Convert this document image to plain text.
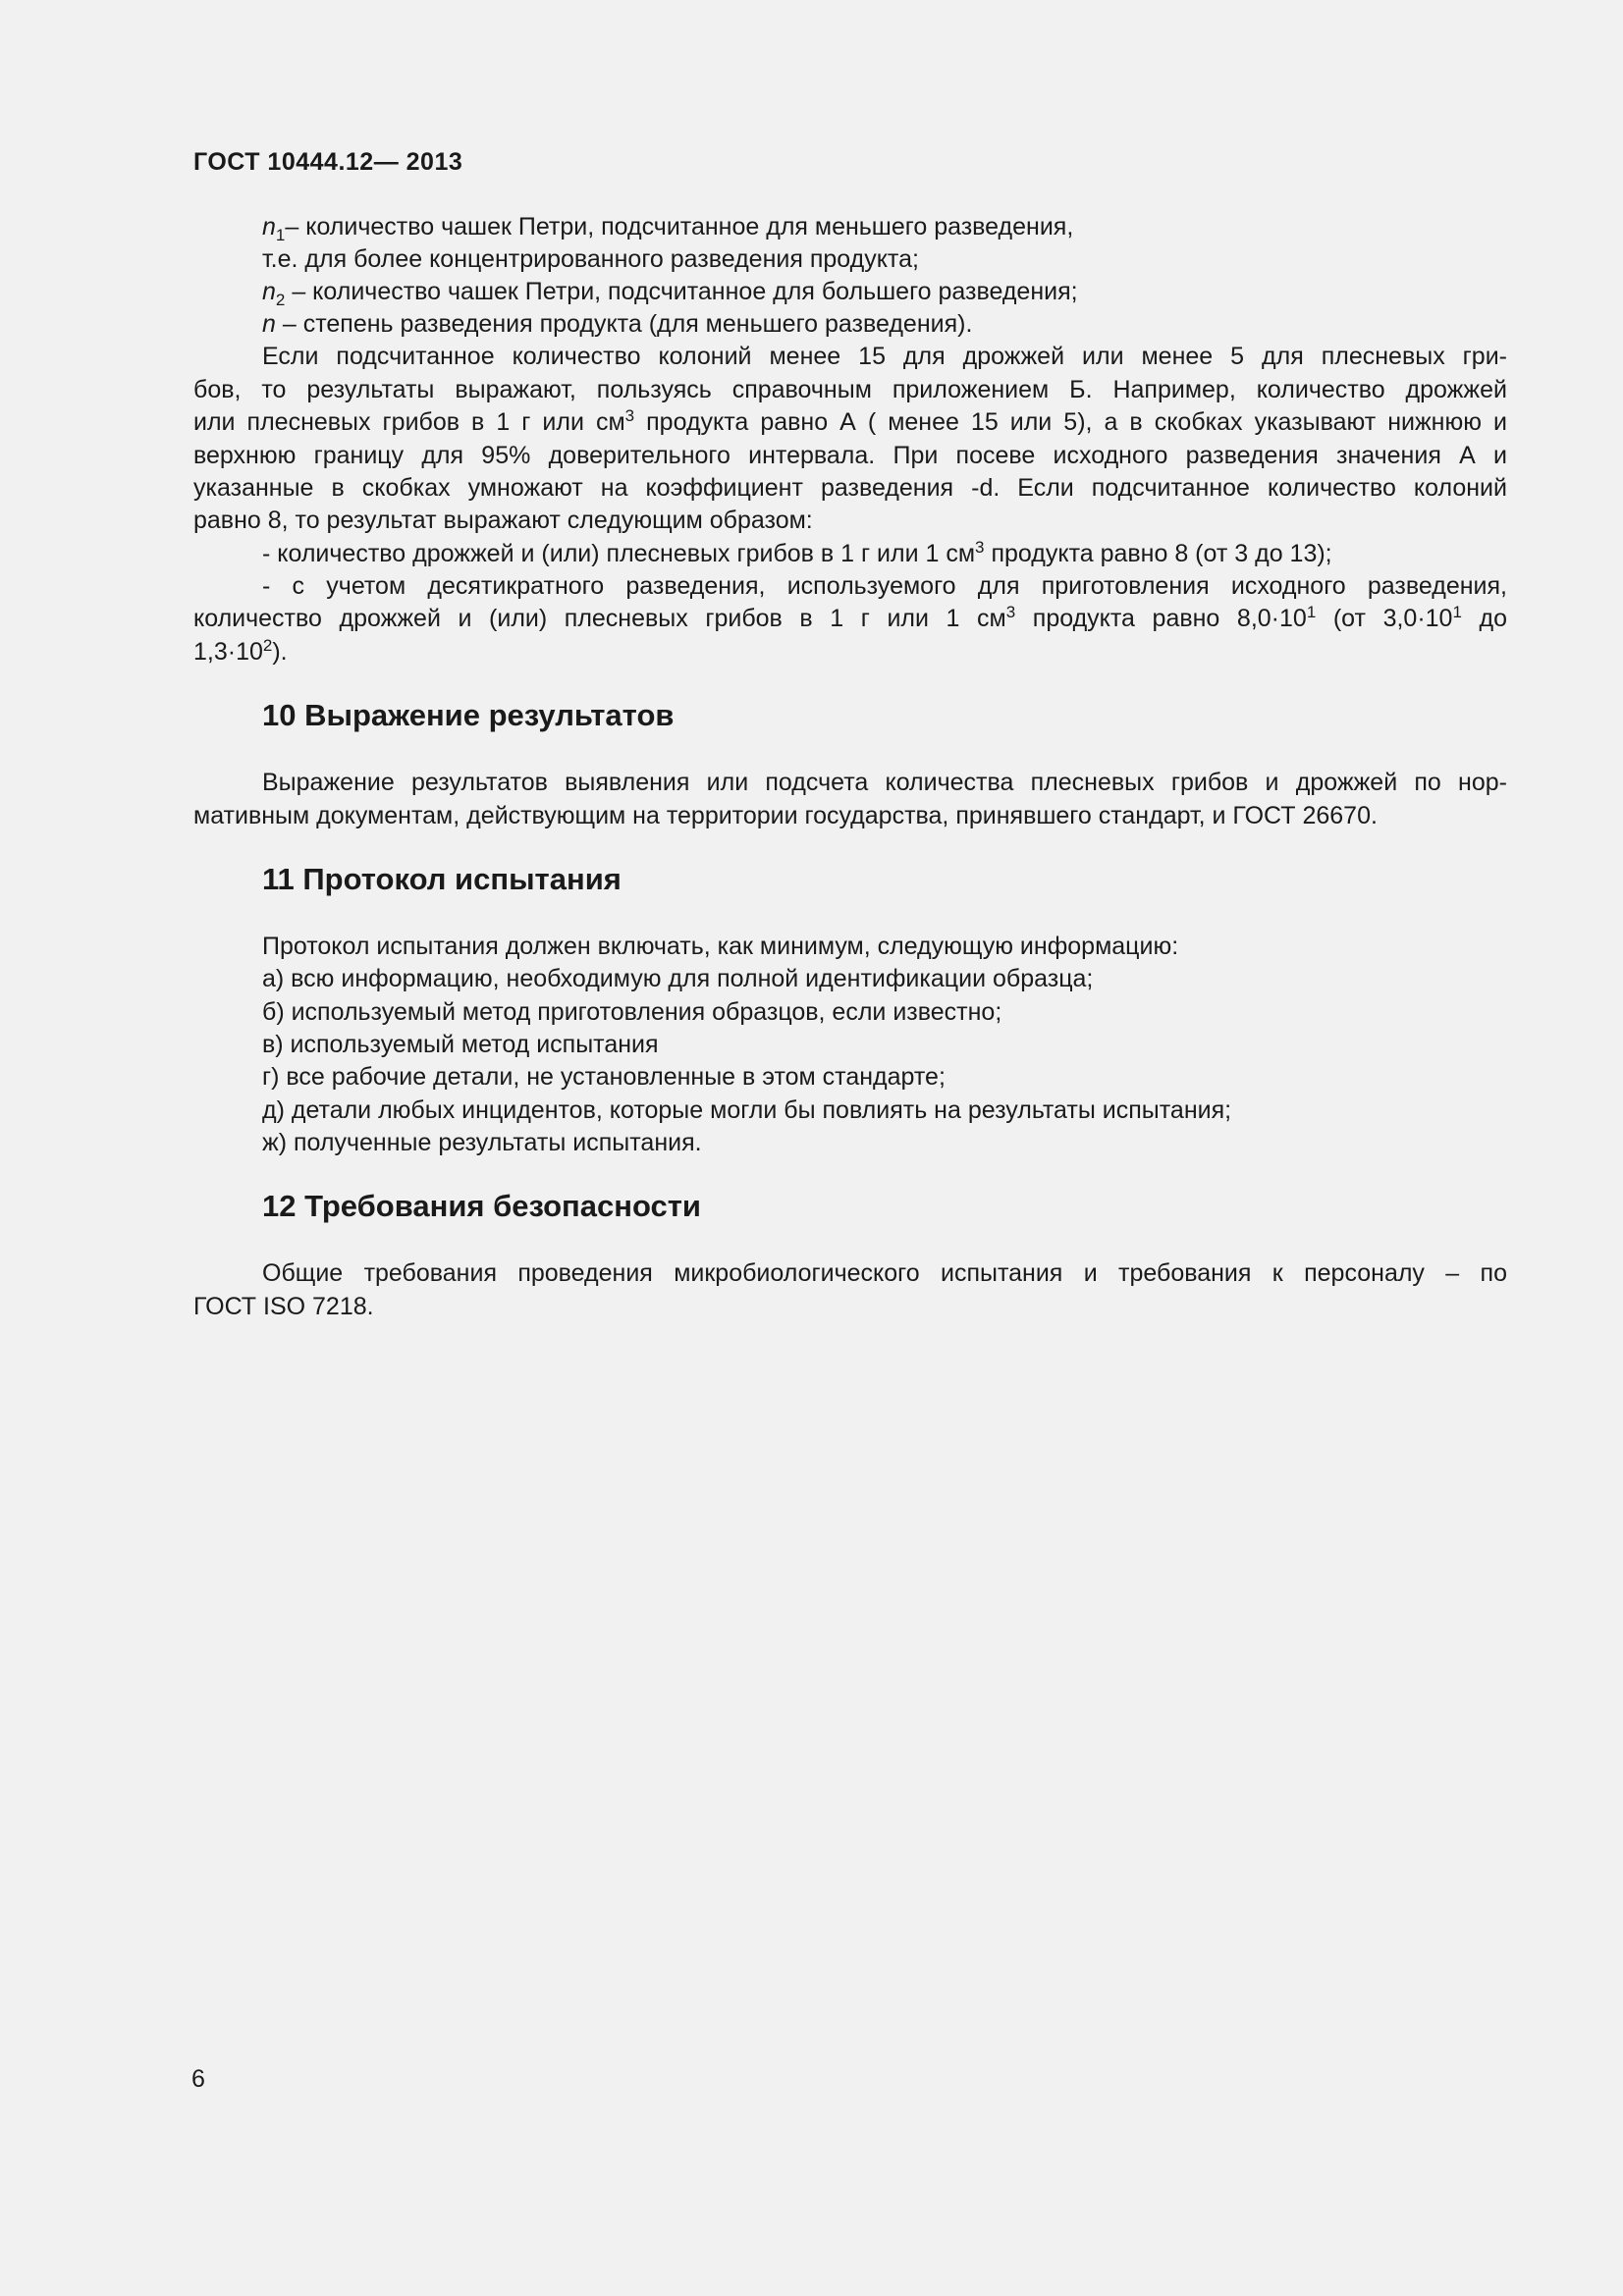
ГОСТ 10444.12— 2013
$n_1-$ количество чашек Петри, подсчитанное для меньшего разведения,
т.е. для более концентрированного разведения продукта;
$n_2$ – количество чашек Петри, подсчитанное для большего разведения;
n – степень разведения продукта (для меньшего разведения).
Если подсчитанное количество колоний менее 15 для дрожжей или менее 5 для плесневых гри-
бов, то результаты выражают, пользуясь справочным приложением Б. Например, количество дрожжей
или плесневых грибов в 1 г или $см^3$ продукта равно А ( менее 15 или 5), а в скобках указывают нижнюю и
верхнюю границу для 95% доверительного интервала. При посеве исходного разведения значения А и
указанные в скобках умножают на коэффициент разведения -d. Если подсчитанное количество колоний
равно 8, то результат выражают следующим образом:
- количество дрожжей и (или) плесневых грибов в 1 г или 1 $см^3$ продукта равно 8 (от 3 до 13);
- с учетом десятикратного разведения, используемого для приготовления исходного разведения,
количество дрожжей и (или) плесневых грибов в 1 г или 1 $см^3$ продукта равно $8,0\cdot 10^1$ (от $3,0\cdot 10^1$ до
$1,3\cdot 10^2$).
10 Выражение результатов
Выражение результатов выявления или подсчета количества плесневых грибов и дрожжей по нор-
мативным документам, действующим на территории государства, принявшего стандарт, и ГОСТ 26670.
11 Протокол испытания
Протокол испытания должен включать, как минимум, следующую информацию:
а) всю информацию, необходимую для полной идентификации образца;
б) используемый метод приготовления образцов, если известно;
в) используемый метод испытания
г) все рабочие детали, не установленные в этом стандарте;
д) детали любых инцидентов, которые могли бы повлиять на результаты испытания;
ж) полученные результаты испытания.
12 Требования безопасности
Общие требования проведения микробиологического испытания и требования к персоналу – по
ГОСТ ISO 7218.
6
